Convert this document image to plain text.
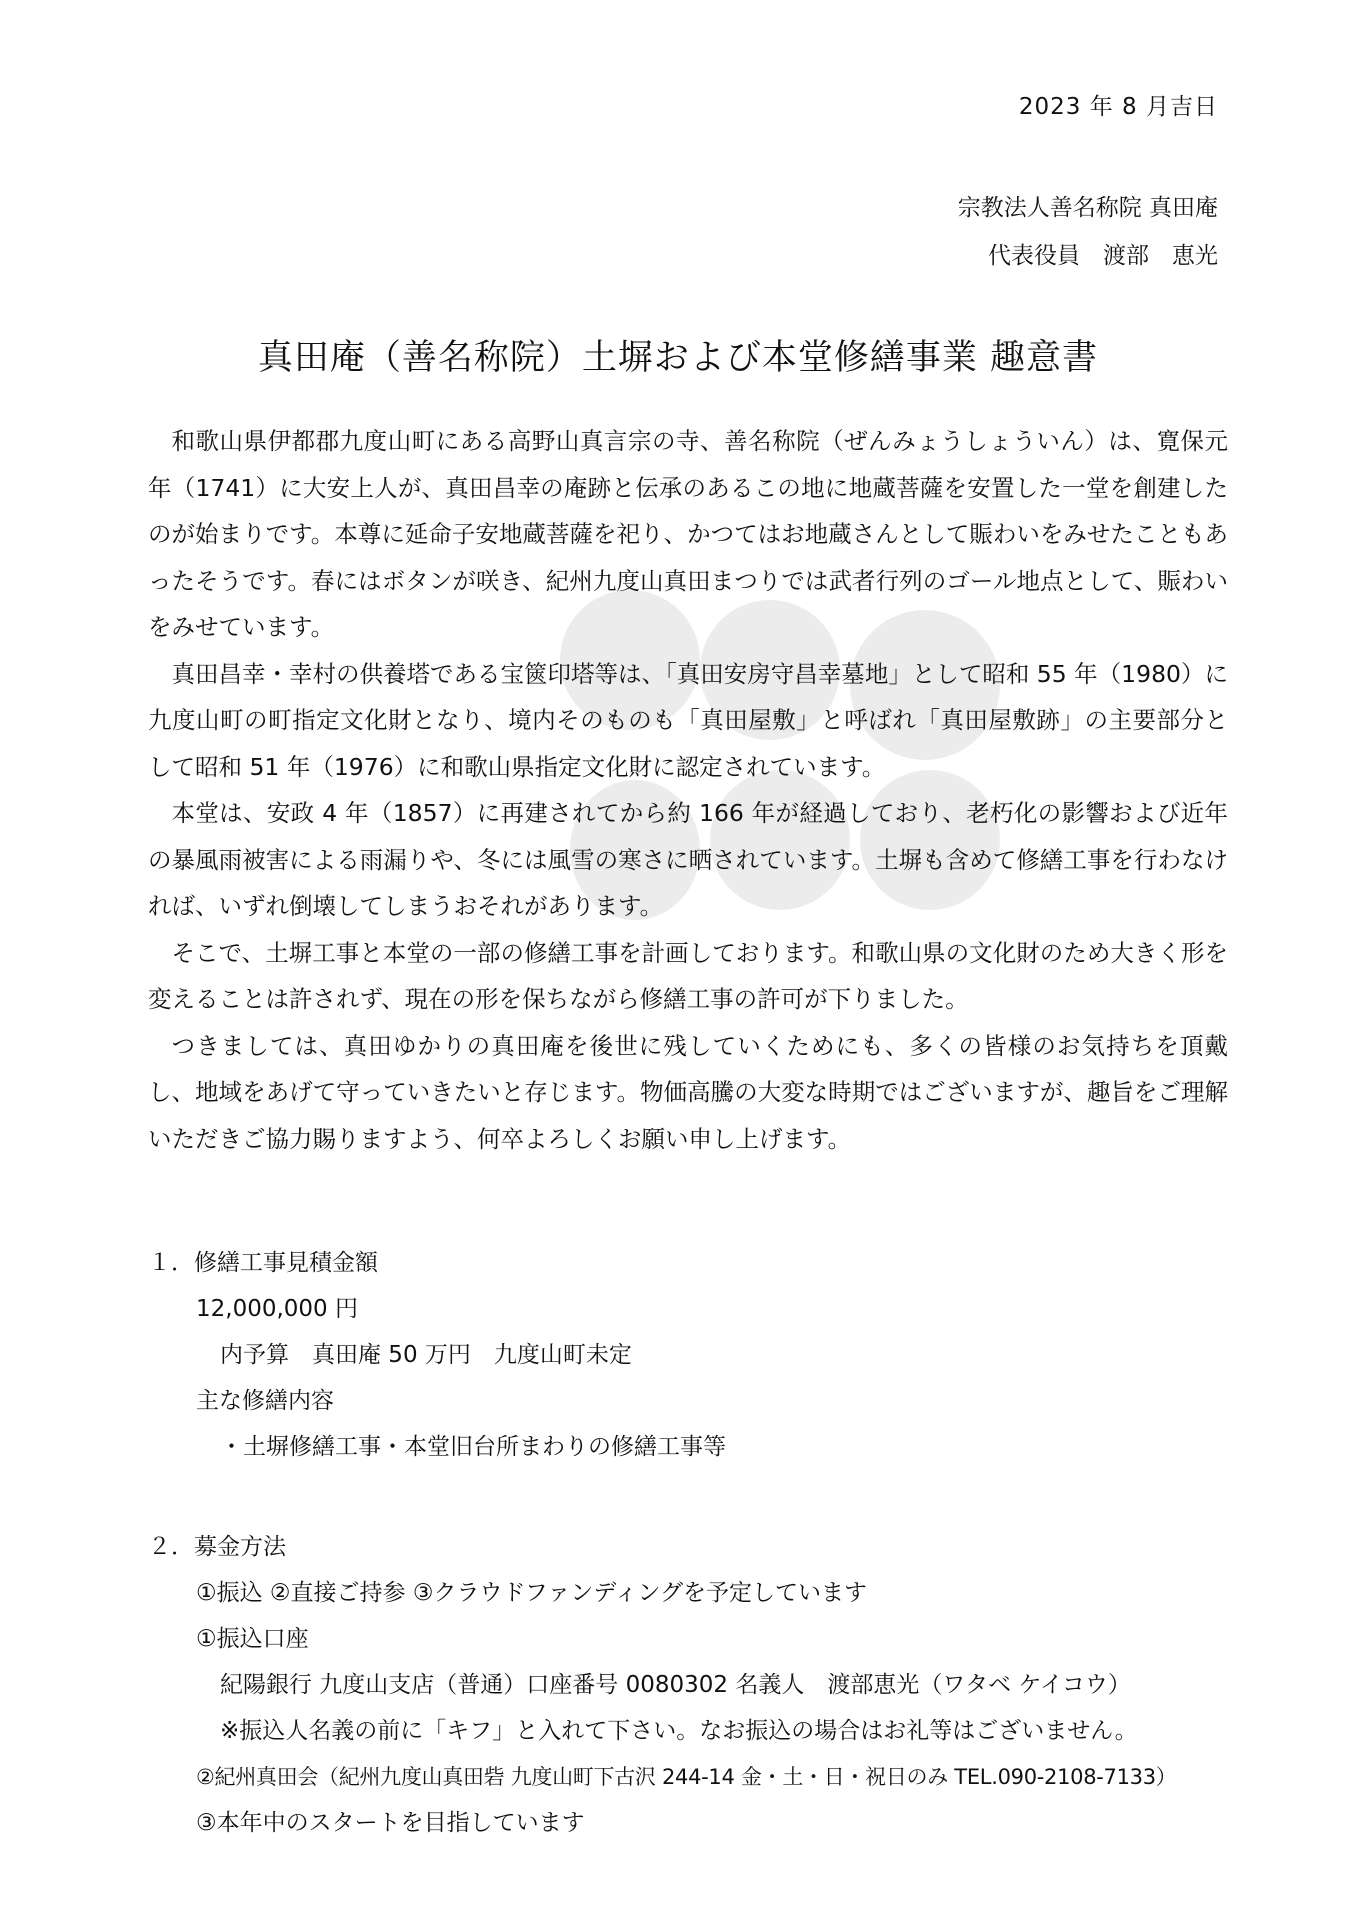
2023 年 8 月吉日
宗教法人善名称院 真田庵
代表役員　渡部　恵光
真田庵（善名称院）土塀および本堂修繕事業 趣意書

和歌山県伊都郡九度山町にある高野山真言宗の寺、善名称院（ぜんみょうしょういん）は、寛保元年（1741）に大安上人が、真田昌幸の庵跡と伝承のあるこの地に地蔵菩薩を安置した一堂を創建したのが始まりです。本尊に延命子安地蔵菩薩を祀り、かつてはお地蔵さんとして賑わいをみせたこともあったそうです。春にはボタンが咲き、紀州九度山真田まつりでは武者行列のゴール地点として、賑わいをみせています。

真田昌幸・幸村の供養塔である宝篋印塔等は、「真田安房守昌幸墓地」として昭和 55 年（1980）に九度山町の町指定文化財となり、境内そのものも「真田屋敷」と呼ばれ「真田屋敷跡」の主要部分として昭和 51 年（1976）に和歌山県指定文化財に認定されています。

本堂は、安政 4 年（1857）に再建されてから約 166 年が経過しており、老朽化の影響および近年の暴風雨被害による雨漏りや、冬には風雪の寒さに晒されています。土塀も含めて修繕工事を行わなければ、いずれ倒壊してしまうおそれがあります。

そこで、土塀工事と本堂の一部の修繕工事を計画しております。和歌山県の文化財のため大きく形を変えることは許されず、現在の形を保ちながら修繕工事の許可が下りました。

つきましては、真田ゆかりの真田庵を後世に残していくためにも、多くの皆様のお気持ちを頂戴し、地域をあげて守っていきたいと存じます。物価高騰の大変な時期ではございますが、趣旨をご理解いただきご協力賜りますよう、何卒よろしくお願い申し上げます。

１．修繕工事見積金額
12,000,000 円
内予算　真田庵 50 万円　九度山町未定
主な修繕内容
・土塀修繕工事・本堂旧台所まわりの修繕工事等
２．募金方法
①振込 ②直接ご持参 ③クラウドファンディングを予定しています
①振込口座
紀陽銀行 九度山支店（普通）口座番号 0080302 名義人　渡部恵光（ワタベ ケイコウ）
※振込人名義の前に「キフ」と入れて下さい。なお振込の場合はお礼等はございません。
②紀州真田会（紀州九度山真田砦 九度山町下古沢 244-14 金・土・日・祝日のみ TEL.090-2108-7133）
③本年中のスタートを目指しています
